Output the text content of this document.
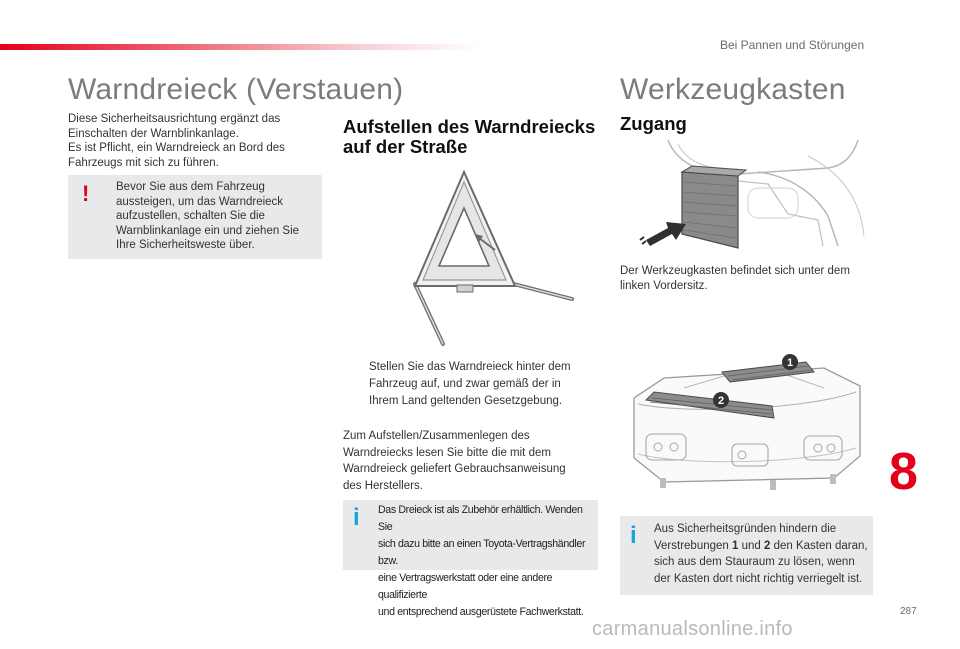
Bei Pannen und Störungen
Warndreieck (Verstauen)
Diese Sicherheitsausrichtung ergänzt das
Einschalten der Warnblinkanlage.
Es ist Pflicht, ein Warndreieck an Bord des
Fahrzeugs mit sich zu führen.
! Bevor Sie aus dem Fahrzeug
aussteigen, um das Warndreieck
aufzustellen, schalten Sie die
Warnblinkanlage ein und ziehen Sie
Ihre Sicherheitsweste über.
Aufstellen des Warndreiecks
auf der Straße
Stellen Sie das Warndreieck hinter dem
Fahrzeug auf, und zwar gemäß der in
Ihrem Land geltenden Gesetzgebung.
Zum Aufstellen/Zusammenlegen des
Warndreiecks lesen Sie bitte die mit dem
Warndreieck geliefert Gebrauchsanweisung
des Herstellers.
i Das Dreieck ist als Zubehör erhältlich. Wenden Sie
sich dazu bitte an einen Toyota-Vertragshändler bzw.
eine Vertragswerkstatt oder eine andere qualifizierte
und entsprechend ausgerüstete Fachwerkstatt.
Werkzeugkasten
Zugang
Der Werkzeugkasten befindet sich unter dem
linken Vordersitz.
1
2
i Aus Sicherheitsgründen hindern die
Verstrebungen 1 und 2 den Kasten daran,
sich aus dem Stauraum zu lösen, wenn
der Kasten dort nicht richtig verriegelt ist.
8
287
carmanualsonline.info
